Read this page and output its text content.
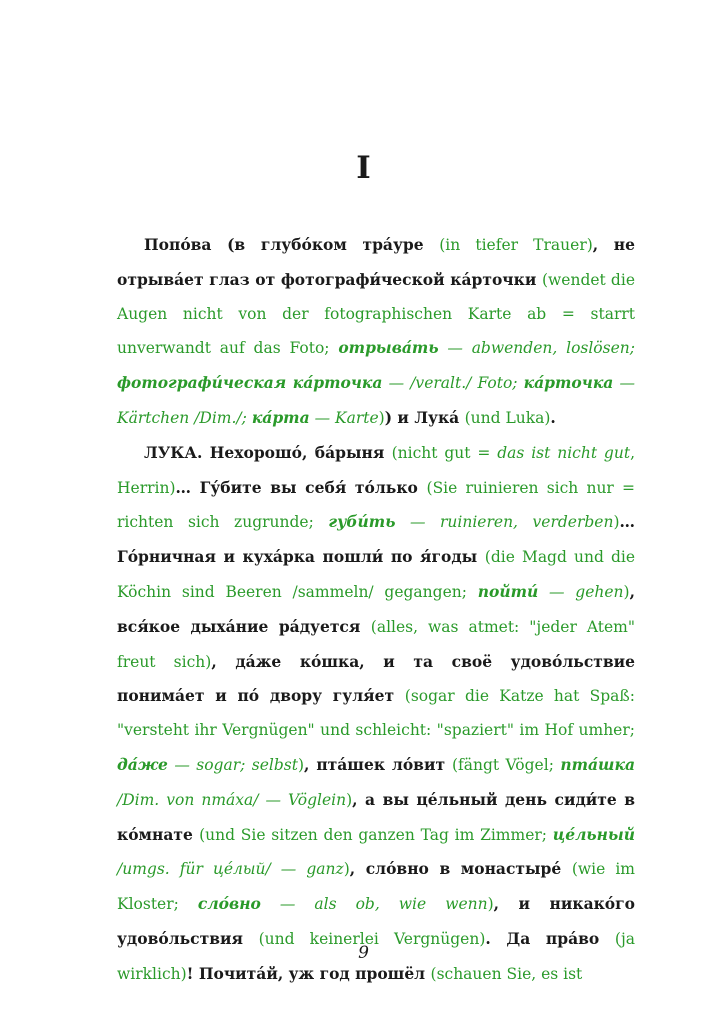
I

Попо́ва (в глубо́ком тра́уре (in tiefer Trauer), не отрыва́ет глаз от фотографи́ческой ка́рточки (wendet die Augen nicht von der fotographischen Karte ab = starrt unverwandt auf das Foto; отрыва́ть — abwenden, loslösen; фотографи́ческая ка́рточка — /veralt./ Foto; ка́рточка — Kärtchen /Dim./; ка́рта — Karte)) и Лука́ (und Luka).

ЛУКА. Нехорошо́, ба́рыня (nicht gut = das ist nicht gut, Herrin)… Гу́бите вы себя́ то́лько (Sie ruinieren sich nur = richten sich zugrunde; губи́ть — ruinieren, verderben)… Го́рничная и куха́рка пошли́ по я́годы (die Magd und die Köchin sind Beeren /sammeln/ gegangen; пойти́ — gehen), вся́кое дыха́ние ра́дуется (alles, was atmet: "jeder Atem" freut sich), да́же ко́шка, и та своё удово́льствие понима́ет и по́ двору гуля́ет (sogar die Katze hat Spaß: "versteht ihr Vergnügen" und schleicht: "spaziert" im Hof umher; да́же — sogar; selbst), пта́шек ло́вит (fängt Vögel; пта́шка /Dim. von пта́ха/ — Vöglein), а вы це́льный день сиди́те в ко́мнате (und Sie sitzen den ganzen Tag im Zimmer; це́льный /umgs. für це́лый/ — ganz), сло́вно в монастыре́ (wie im Kloster; сло́вно — als ob, wie wenn), и никако́го удово́льствия (und keinerlei Vergnügen). Да пра́во (ja wirklich)! Почита́й, уж год прошёл (schauen Sie, es ist

9
